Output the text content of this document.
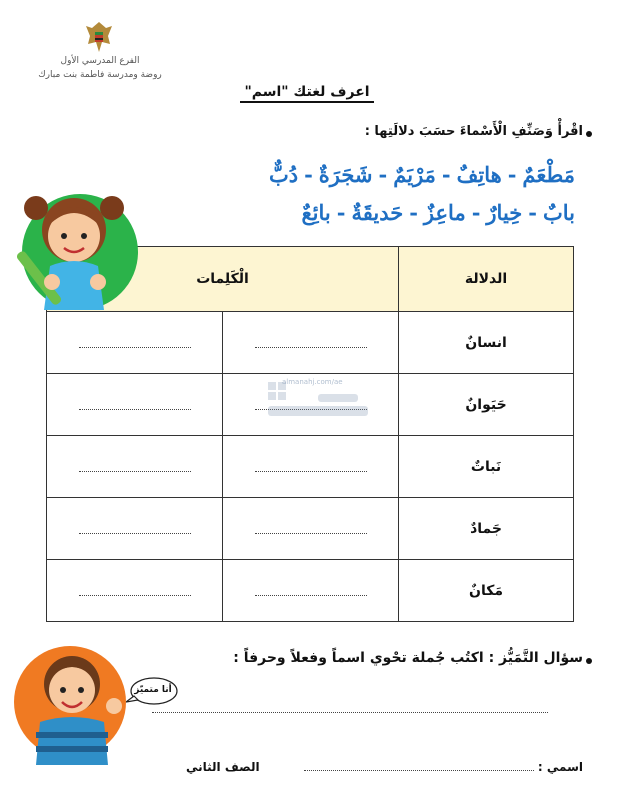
الفرع المدرسي الأول
روضة ومدرسة فاطمة بنت مبارك
اعرف لغتك "اسم"
اقْرأْ وَصَنِّفِ الْأَسْماءَ حسَبَ دلالَتِها :
مَطْعَمٌ-هاتِفٌ-مَرْيَمٌ-شَجَرَةٌ-دُبٌّ
بابٌ-خِيارٌ-ماعِزٌ-حَديقَةٌ-بائِعٌ
الدلالة	الْكَلِمات	
انسانٌ		
حَيَوانٌ		
نَباتٌ		
جَمادٌ		
مَكانٌ		
almanahj.com/ae
سؤال التَّمَيُّز : اكتُب جُملة تحْوي اسماً وفعلاً وحرفاً :
أنا متميّز
اسمي :
الصف الثاني
